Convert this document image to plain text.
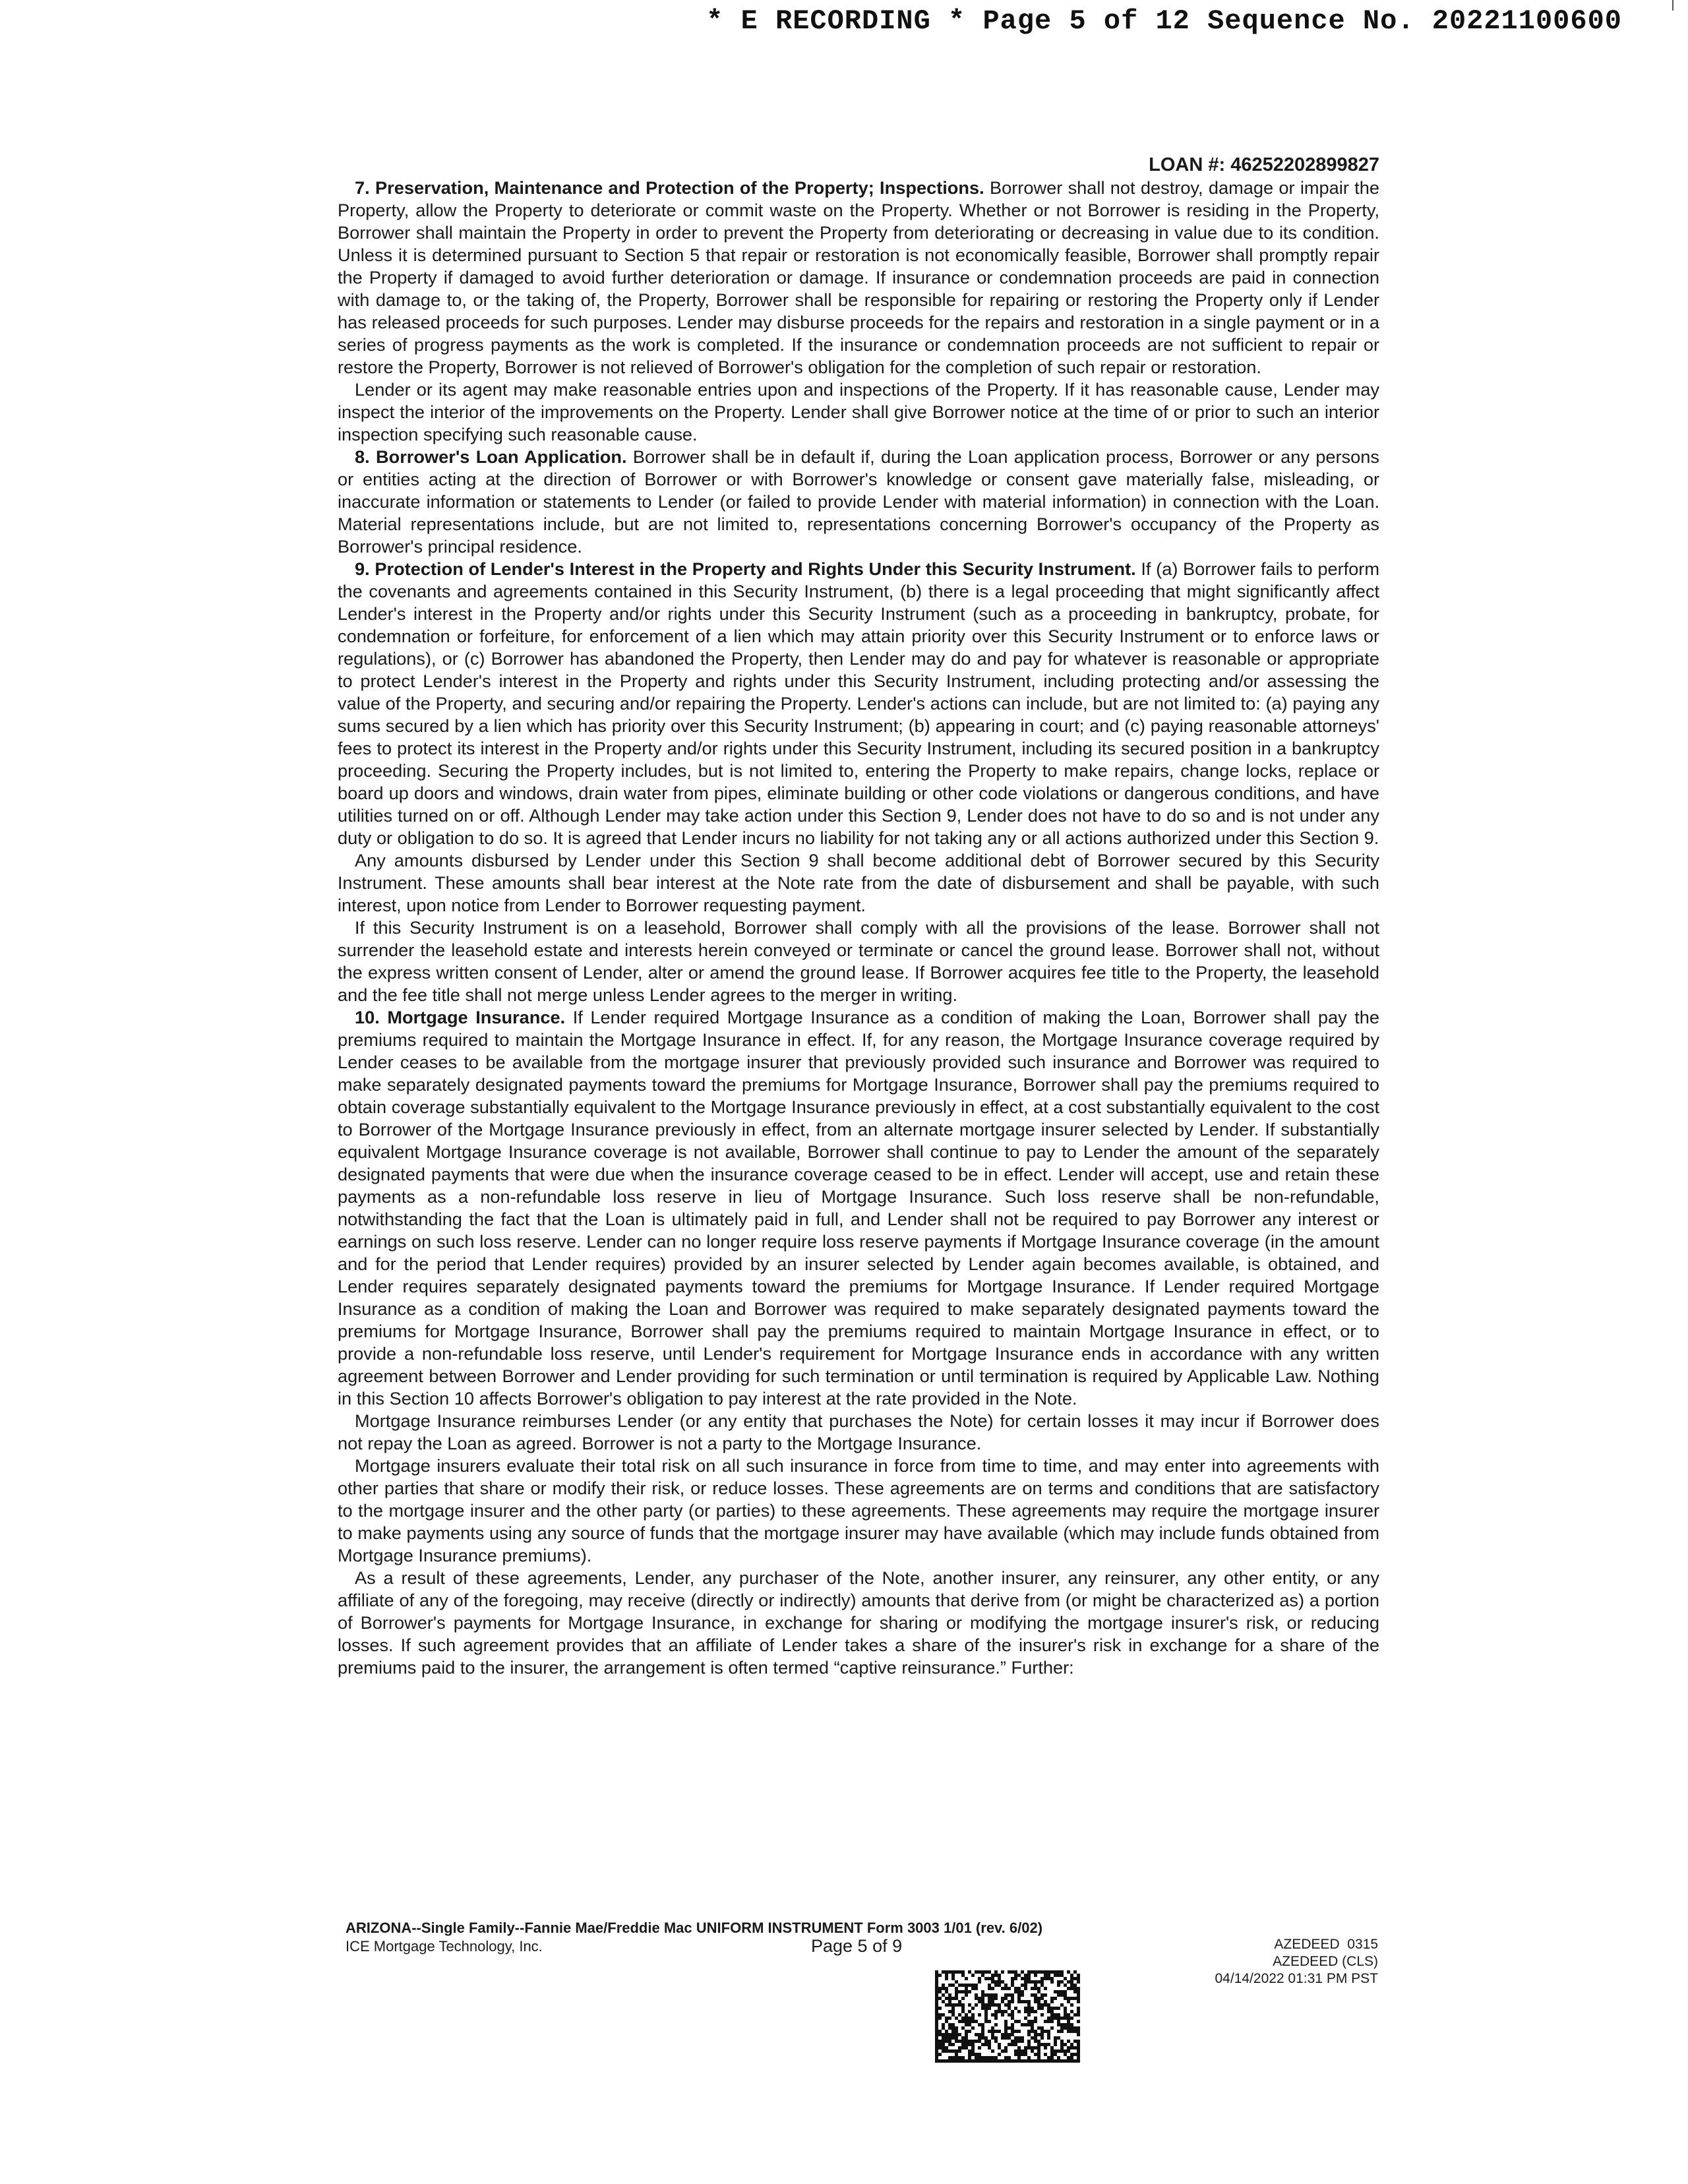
* E RECORDING * Page 5 of 12 Sequence No. 20221100600
LOAN #: 46252202899827

7. Preservation, Maintenance and Protection of the Property; Inspections. Borrower shall not destroy, damage or impair the Property, allow the Property to deteriorate or commit waste on the Property. Whether or not Borrower is residing in the Property, Borrower shall maintain the Property in order to prevent the Property from deteriorating or decreasing in value due to its condition. Unless it is determined pursuant to Section 5 that repair or restoration is not economically feasible, Borrower shall promptly repair the Property if damaged to avoid further deterioration or damage. If insurance or condemnation proceeds are paid in connection with damage to, or the taking of, the Property, Borrower shall be responsible for repairing or restoring the Property only if Lender has released proceeds for such purposes. Lender may disburse proceeds for the repairs and restoration in a single payment or in a series of progress payments as the work is completed. If the insurance or condemnation proceeds are not sufficient to repair or restore the Property, Borrower is not relieved of Borrower's obligation for the completion of such repair or restoration.

Lender or its agent may make reasonable entries upon and inspections of the Property. If it has reasonable cause, Lender may inspect the interior of the improvements on the Property. Lender shall give Borrower notice at the time of or prior to such an interior inspection specifying such reasonable cause.

8. Borrower's Loan Application. Borrower shall be in default if, during the Loan application process, Borrower or any persons or entities acting at the direction of Borrower or with Borrower's knowledge or consent gave materially false, misleading, or inaccurate information or statements to Lender (or failed to provide Lender with material information) in connection with the Loan. Material representations include, but are not limited to, representations concerning Borrower's occupancy of the Property as Borrower's principal residence.

9. Protection of Lender's Interest in the Property and Rights Under this Security Instrument. If (a) Borrower fails to perform the covenants and agreements contained in this Security Instrument, (b) there is a legal proceeding that might significantly affect Lender's interest in the Property and/or rights under this Security Instrument (such as a proceeding in bankruptcy, probate, for condemnation or forfeiture, for enforcement of a lien which may attain priority over this Security Instrument or to enforce laws or regulations), or (c) Borrower has abandoned the Property, then Lender may do and pay for whatever is reasonable or appropriate to protect Lender's interest in the Property and rights under this Security Instrument, including protecting and/or assessing the value of the Property, and securing and/or repairing the Property. Lender's actions can include, but are not limited to: (a) paying any sums secured by a lien which has priority over this Security Instrument; (b) appearing in court; and (c) paying reasonable attorneys' fees to protect its interest in the Property and/or rights under this Security Instrument, including its secured position in a bankruptcy proceeding. Securing the Property includes, but is not limited to, entering the Property to make repairs, change locks, replace or board up doors and windows, drain water from pipes, eliminate building or other code violations or dangerous conditions, and have utilities turned on or off. Although Lender may take action under this Section 9, Lender does not have to do so and is not under any duty or obligation to do so. It is agreed that Lender incurs no liability for not taking any or all actions authorized under this Section 9.

Any amounts disbursed by Lender under this Section 9 shall become additional debt of Borrower secured by this Security Instrument. These amounts shall bear interest at the Note rate from the date of disbursement and shall be payable, with such interest, upon notice from Lender to Borrower requesting payment.

If this Security Instrument is on a leasehold, Borrower shall comply with all the provisions of the lease. Borrower shall not surrender the leasehold estate and interests herein conveyed or terminate or cancel the ground lease. Borrower shall not, without the express written consent of Lender, alter or amend the ground lease. If Borrower acquires fee title to the Property, the leasehold and the fee title shall not merge unless Lender agrees to the merger in writing.

10. Mortgage Insurance. If Lender required Mortgage Insurance as a condition of making the Loan, Borrower shall pay the premiums required to maintain the Mortgage Insurance in effect. If, for any reason, the Mortgage Insurance coverage required by Lender ceases to be available from the mortgage insurer that previously provided such insurance and Borrower was required to make separately designated payments toward the premiums for Mortgage Insurance, Borrower shall pay the premiums required to obtain coverage substantially equivalent to the Mortgage Insurance previously in effect, at a cost substantially equivalent to the cost to Borrower of the Mortgage Insurance previously in effect, from an alternate mortgage insurer selected by Lender. If substantially equivalent Mortgage Insurance coverage is not available, Borrower shall continue to pay to Lender the amount of the separately designated payments that were due when the insurance coverage ceased to be in effect. Lender will accept, use and retain these payments as a non-refundable loss reserve in lieu of Mortgage Insurance. Such loss reserve shall be non-refundable, notwithstanding the fact that the Loan is ultimately paid in full, and Lender shall not be required to pay Borrower any interest or earnings on such loss reserve. Lender can no longer require loss reserve payments if Mortgage Insurance coverage (in the amount and for the period that Lender requires) provided by an insurer selected by Lender again becomes available, is obtained, and Lender requires separately designated payments toward the premiums for Mortgage Insurance. If Lender required Mortgage Insurance as a condition of making the Loan and Borrower was required to make separately designated payments toward the premiums for Mortgage Insurance, Borrower shall pay the premiums required to maintain Mortgage Insurance in effect, or to provide a non-refundable loss reserve, until Lender's requirement for Mortgage Insurance ends in accordance with any written agreement between Borrower and Lender providing for such termination or until termination is required by Applicable Law. Nothing in this Section 10 affects Borrower's obligation to pay interest at the rate provided in the Note.

Mortgage Insurance reimburses Lender (or any entity that purchases the Note) for certain losses it may incur if Borrower does not repay the Loan as agreed. Borrower is not a party to the Mortgage Insurance.

Mortgage insurers evaluate their total risk on all such insurance in force from time to time, and may enter into agreements with other parties that share or modify their risk, or reduce losses. These agreements are on terms and conditions that are satisfactory to the mortgage insurer and the other party (or parties) to these agreements. These agreements may require the mortgage insurer to make payments using any source of funds that the mortgage insurer may have available (which may include funds obtained from Mortgage Insurance premiums).

As a result of these agreements, Lender, any purchaser of the Note, another insurer, any reinsurer, any other entity, or any affiliate of any of the foregoing, may receive (directly or indirectly) amounts that derive from (or might be characterized as) a portion of Borrower's payments for Mortgage Insurance, in exchange for sharing or modifying the mortgage insurer's risk, or reducing losses. If such agreement provides that an affiliate of Lender takes a share of the insurer's risk in exchange for a share of the premiums paid to the insurer, the arrangement is often termed “captive reinsurance.” Further:

ARIZONA--Single Family--Fannie Mae/Freddie Mac UNIFORM INSTRUMENT Form 3003 1/01 (rev. 6/02)
ICE Mortgage Technology, Inc.	Page 5 of 9	AZEDEED  0315
AZEDEED (CLS)
04/14/2022 01:31 PM PST
